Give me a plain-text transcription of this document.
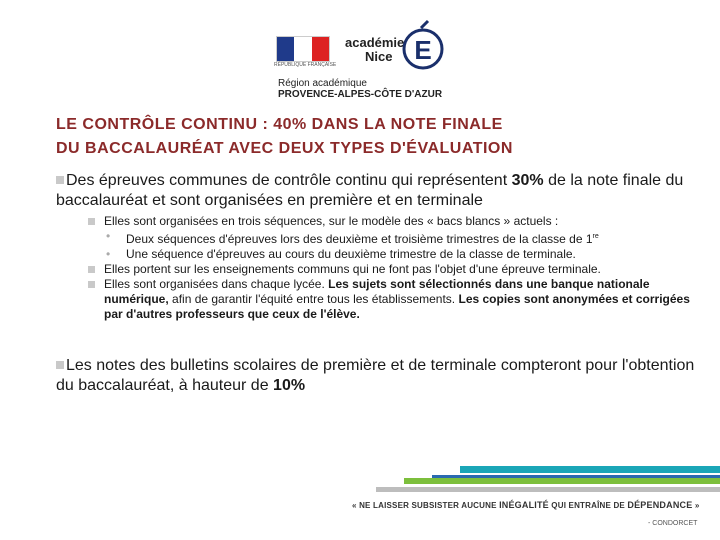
RÉPUBLIQUE FRANÇAISE
académie
Nice E
Région académique
PROVENCE-ALPES-CÔTE D'AZUR
LE CONTRÔLE CONTINU : 40% DANS LA NOTE FINALE
DU BACCALAURÉAT AVEC DEUX TYPES D'ÉVALUATION
Des épreuves communes de contrôle continu qui représentent 30% de la note finale du baccalauréat et sont organisées en première et en terminale
Elles sont organisées en trois séquences, sur le modèle des « bacs blancs » actuels :
• Deux séquences d'épreuves lors des deuxième et troisième trimestres de la classe de 1re
• Une séquence d'épreuves au cours du deuxième trimestre de la classe de terminale.
Elles portent sur les enseignements communs qui ne font pas l'objet d'une épreuve terminale.
Elles sont organisées dans chaque lycée. Les sujets sont sélectionnés dans une banque nationale numérique, afin de garantir l'équité entre tous les établissements. Les copies sont anonymées et corrigées par d'autres professeurs que ceux de l'élève.
Les notes des bulletins scolaires de première et de terminale compteront pour l'obtention du baccalauréat, à hauteur de 10%
« NE LAISSER SUBSISTER AUCUNE INÉGALITÉ QUI ENTRAÎNE DE DÉPENDANCE »
- CONDORCET
